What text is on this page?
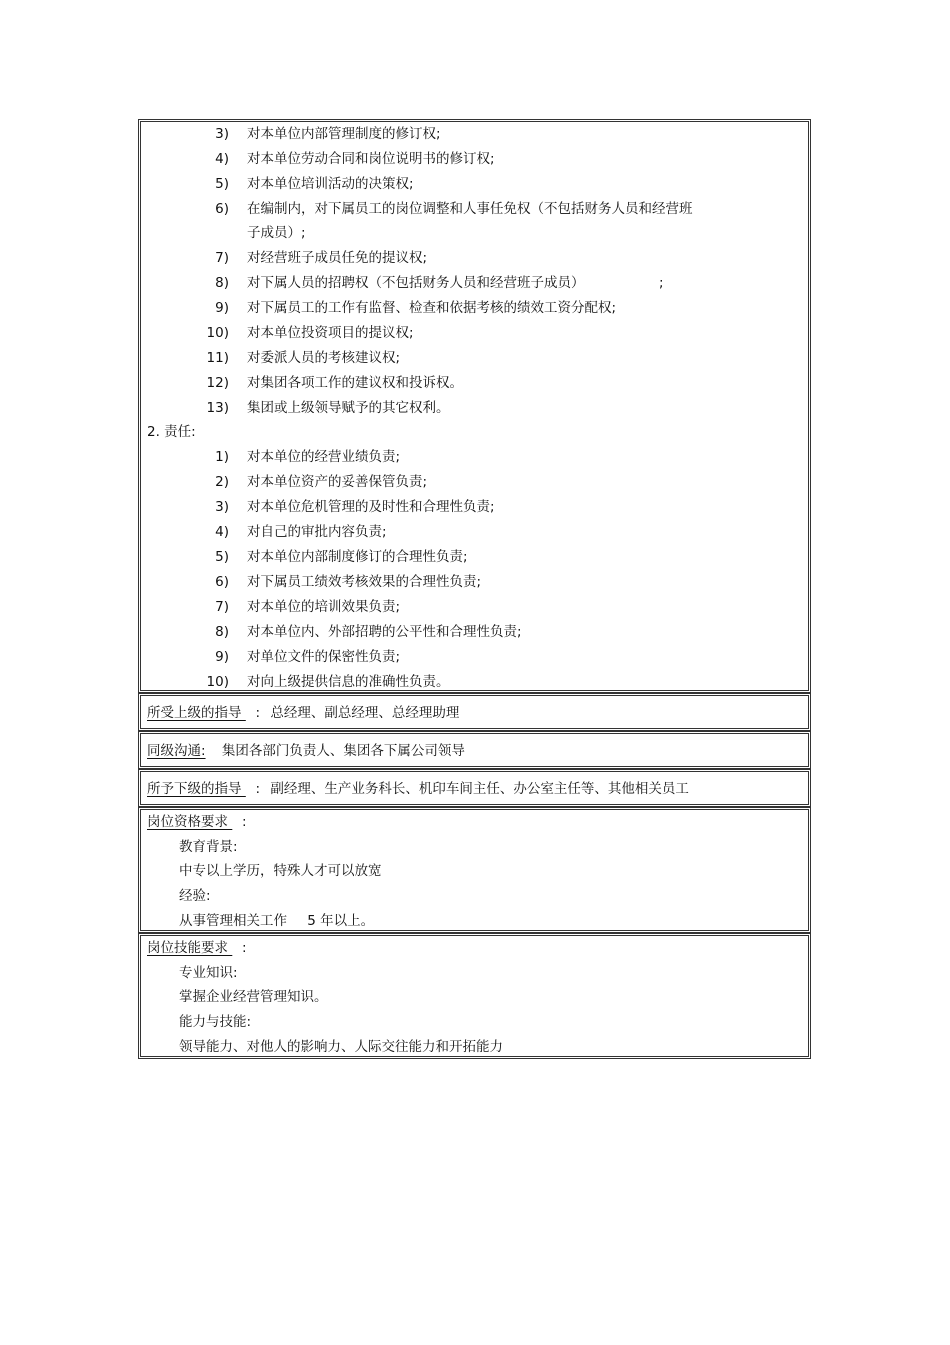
3) 对本单位内部管理制度的修订权;
4) 对本单位劳动合同和岗位说明书的修订权;
5) 对本单位培训活动的决策权;
6) 在编制内，对下属员工的岗位调整和人事任免权（不包括财务人员和经营班
子成员）;
7) 对经营班子成员任免的提议权;
8) 对下属人员的招聘权（不包括财务人员和经营班子成员）	;
9) 对下属员工的工作有监督、检查和依据考核的绩效工资分配权;
10) 对本单位投资项目的提议权;
11) 对委派人员的考核建议权;
12) 对集团各项工作的建议权和投诉权。
13) 集团或上级领导赋予的其它权利。
2. 责任:
1) 对本单位的经营业绩负责;
2) 对本单位资产的妥善保管负责;
3) 对本单位危机管理的及时性和合理性负责;
4) 对自己的审批内容负责;
5) 对本单位内部制度修订的合理性负责;
6) 对下属员工绩效考核效果的合理性负责;
7) 对本单位的培训效果负责;
8) 对本单位内、外部招聘的公平性和合理性负责;
9) 对单位文件的保密性负责;
10) 对向上级提供信息的准确性负责。
所受上级的指导 : 总经理、副总经理、总经理助理
同级沟通: 集团各部门负责人、集团各下属公司领导
所予下级的指导 : 副经理、生产业务科长、机印车间主任、办公室主任等、其他相关员工
岗位资格要求 :
教育背景:
中专以上学历，特殊人才可以放宽
经验:
从事管理相关工作 5 年以上。
岗位技能要求 :
专业知识:
掌握企业经营管理知识。
能力与技能:
领导能力、对他人的影响力、人际交往能力和开拓能力
